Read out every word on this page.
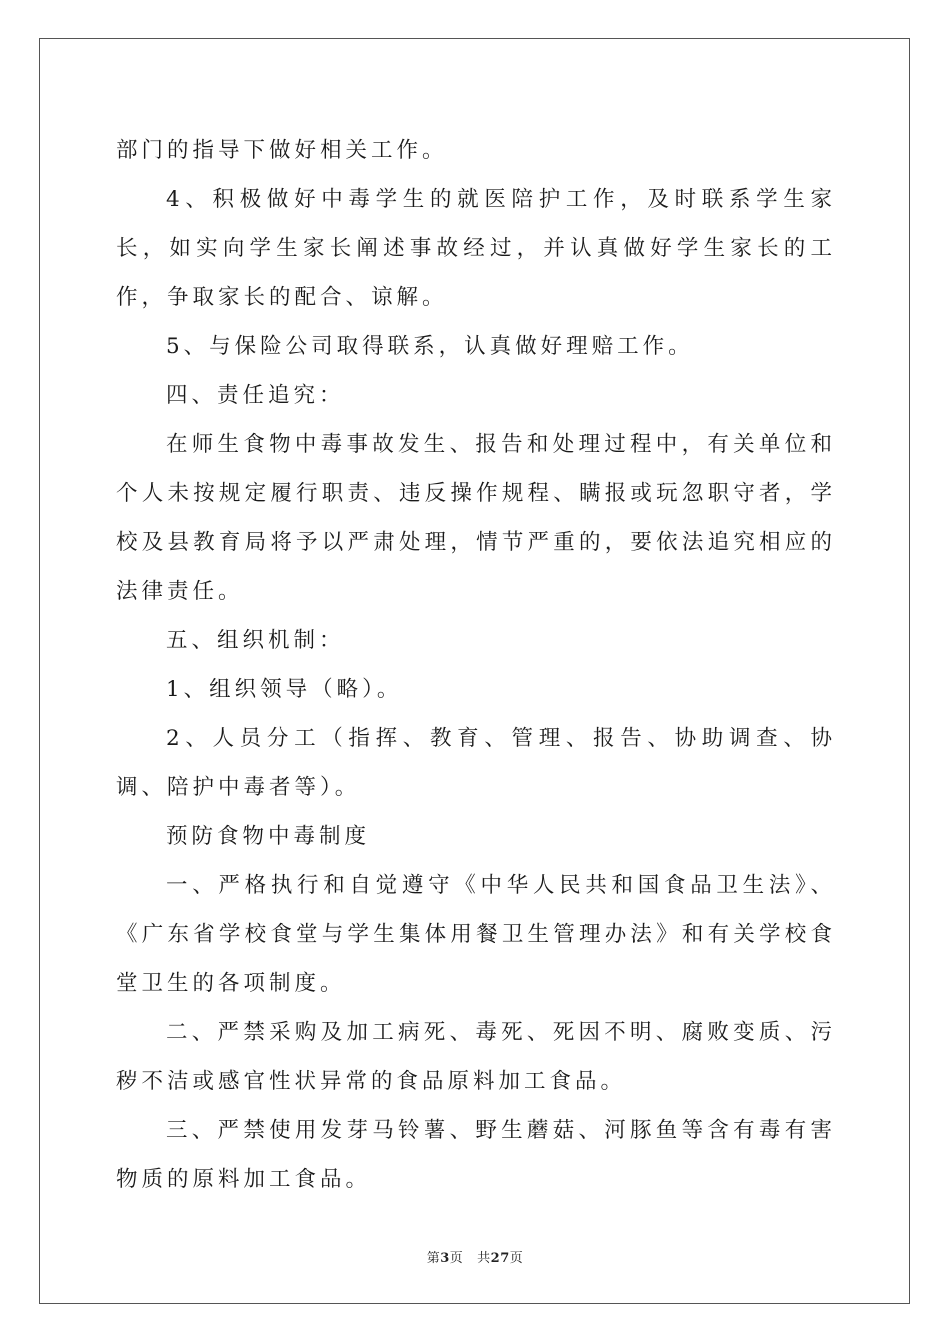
部门的指导下做好相关工作。

4、积极做好中毒学生的就医陪护工作，及时联系学生家长，如实向学生家长阐述事故经过，并认真做好学生家长的工作，争取家长的配合、谅解。

5、与保险公司取得联系，认真做好理赔工作。

四、责任追究：

在师生食物中毒事故发生、报告和处理过程中，有关单位和个人未按规定履行职责、违反操作规程、瞒报或玩忽职守者，学校及县教育局将予以严肃处理，情节严重的，要依法追究相应的法律责任。

五、组织机制：

1、组织领导（略）。

2、人员分工（指挥、教育、管理、报告、协助调查、协调、陪护中毒者等）。

预防食物中毒制度

一、严格执行和自觉遵守《中华人民共和国食品卫生法》、《广东省学校食堂与学生集体用餐卫生管理办法》和有关学校食堂卫生的各项制度。

二、严禁采购及加工病死、毒死、死因不明、腐败变质、污秽不洁或感官性状异常的食品原料加工食品。

三、严禁使用发芽马铃薯、野生蘑菇、河豚鱼等含有毒有害物质的原料加工食品。

第3页   共27页
